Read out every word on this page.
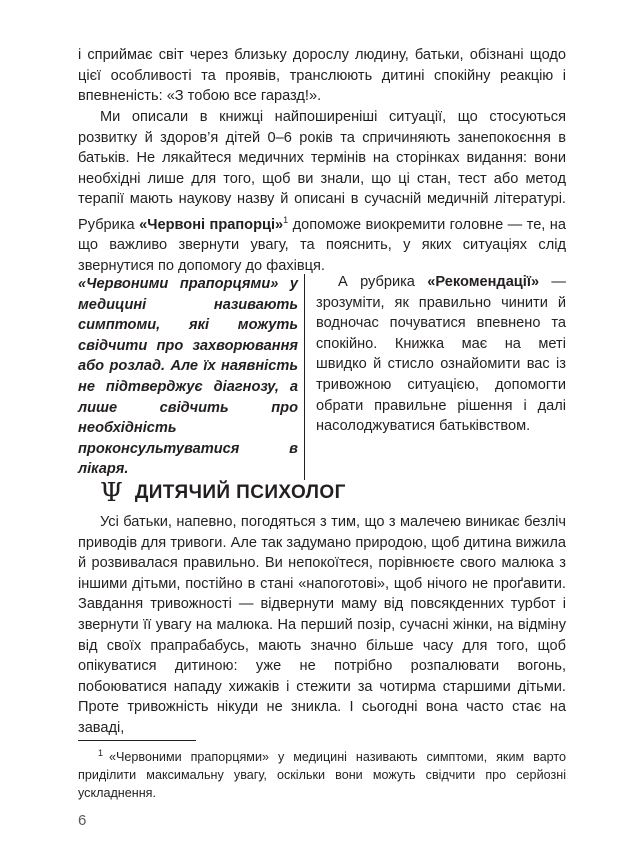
і сприймає світ через близьку дорослу людину, батьки, обізнані щодо цієї особливості та проявів, транслюють дитині спокійну реакцію і впевненість: «З тобою все гаразд!».

Ми описали в книжці найпоширеніші ситуації, що стосуються розвитку й здоров’я дітей 0–6 років та спричиняють занепокоєння в батьків. Не лякайтеся медичних термінів на сторінках видання: вони необхідні лише для того, щоб ви знали, що ці стан, тест або метод терапії мають наукову назву й описані в сучасній медичній літературі. Рубрика «Червоні прапорці»$^1$ допоможе виокремити головне — те, на що важливо звернути увагу, та пояснить, у яких ситуаціях слід звернутися по допомогу до фахівця.

«Червоними прапорцями» у медицині називають симптоми, які можуть свідчити про захворювання або розлад. Але їх наявність не підтверджує діагнозу, а лише свідчить про необхідність проконсультуватися в лікаря.

А рубрика «Рекомендації» — зрозуміти, як правильно чинити й водночас почуватися впевнено та спокійно. Книжка має на меті швидко й стисло ознайомити вас із тривожною ситуацією, допомогти обрати правильне рішення і далі насолоджуватися батьківством.

Ψ ДИТЯЧИЙ ПСИХОЛОГ

Усі батьки, напевно, погодяться з тим, що з малечею виникає безліч приводів для тривоги. Але так задумано природою, щоб дитина вижила й розвивалася правильно. Ви непокоїтеся, порівнюєте свого малюка з іншими дітьми, постійно в стані «напоготові», щоб нічого не проґавити. Завдання тривожності — відвернути маму від повсякденних турбот і звернути її увагу на малюка. На перший позір, сучасні жінки, на відміну від своїх прапрабабусь, мають значно більше часу для того, щоб опікуватися дитиною: уже не потрібно розпалювати вогонь, побоюватися нападу хижаків і стежити за чотирма старшими дітьми. Проте тривожність нікуди не зникла. І сьогодні вона часто стає на заваді,

$^1$ «Червоними прапорцями» у медицині називають симптоми, яким варто приділити максимальну увагу, оскільки вони можуть свідчити про серйозні ускладнення.

6
